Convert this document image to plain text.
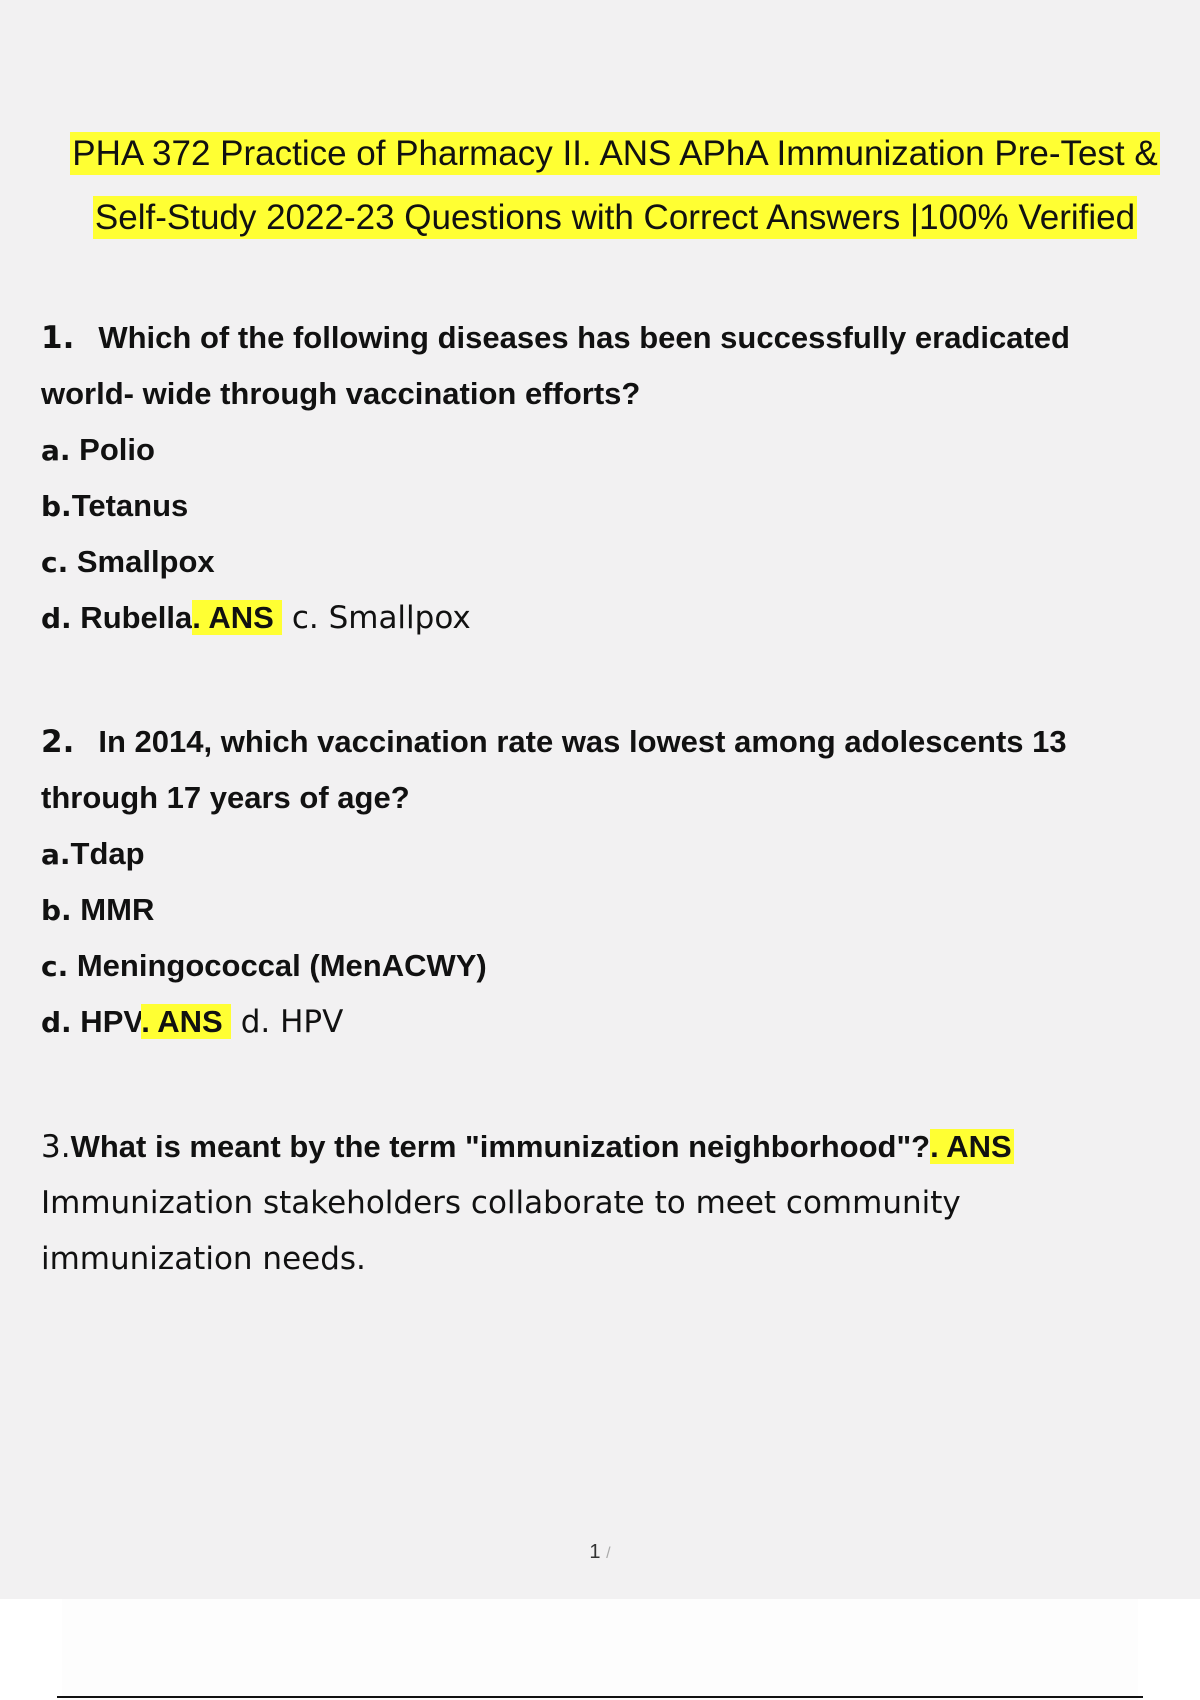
PHA 372 Practice of Pharmacy II. ANS APhA Immunization Pre-Test &
Self-Study 2022-23 Questions with Correct Answers |100% Verified
1. Which of the following diseases has been successfully eradicated
world- wide through vaccination efforts?
a. Polio
b.Tetanus
c. Smallpox
d. Rubella. ANS c. Smallpox
2. In 2014, which vaccination rate was lowest among adolescents 13
through 17 years of age?
a.Tdap
b. MMR
c. Meningococcal (MenACWY)
d. HPV. ANS d. HPV
3.What is meant by the term "immunization neighborhood"?. ANS
Immunization stakeholders collaborate to meet community
immunization needs.
1 /
